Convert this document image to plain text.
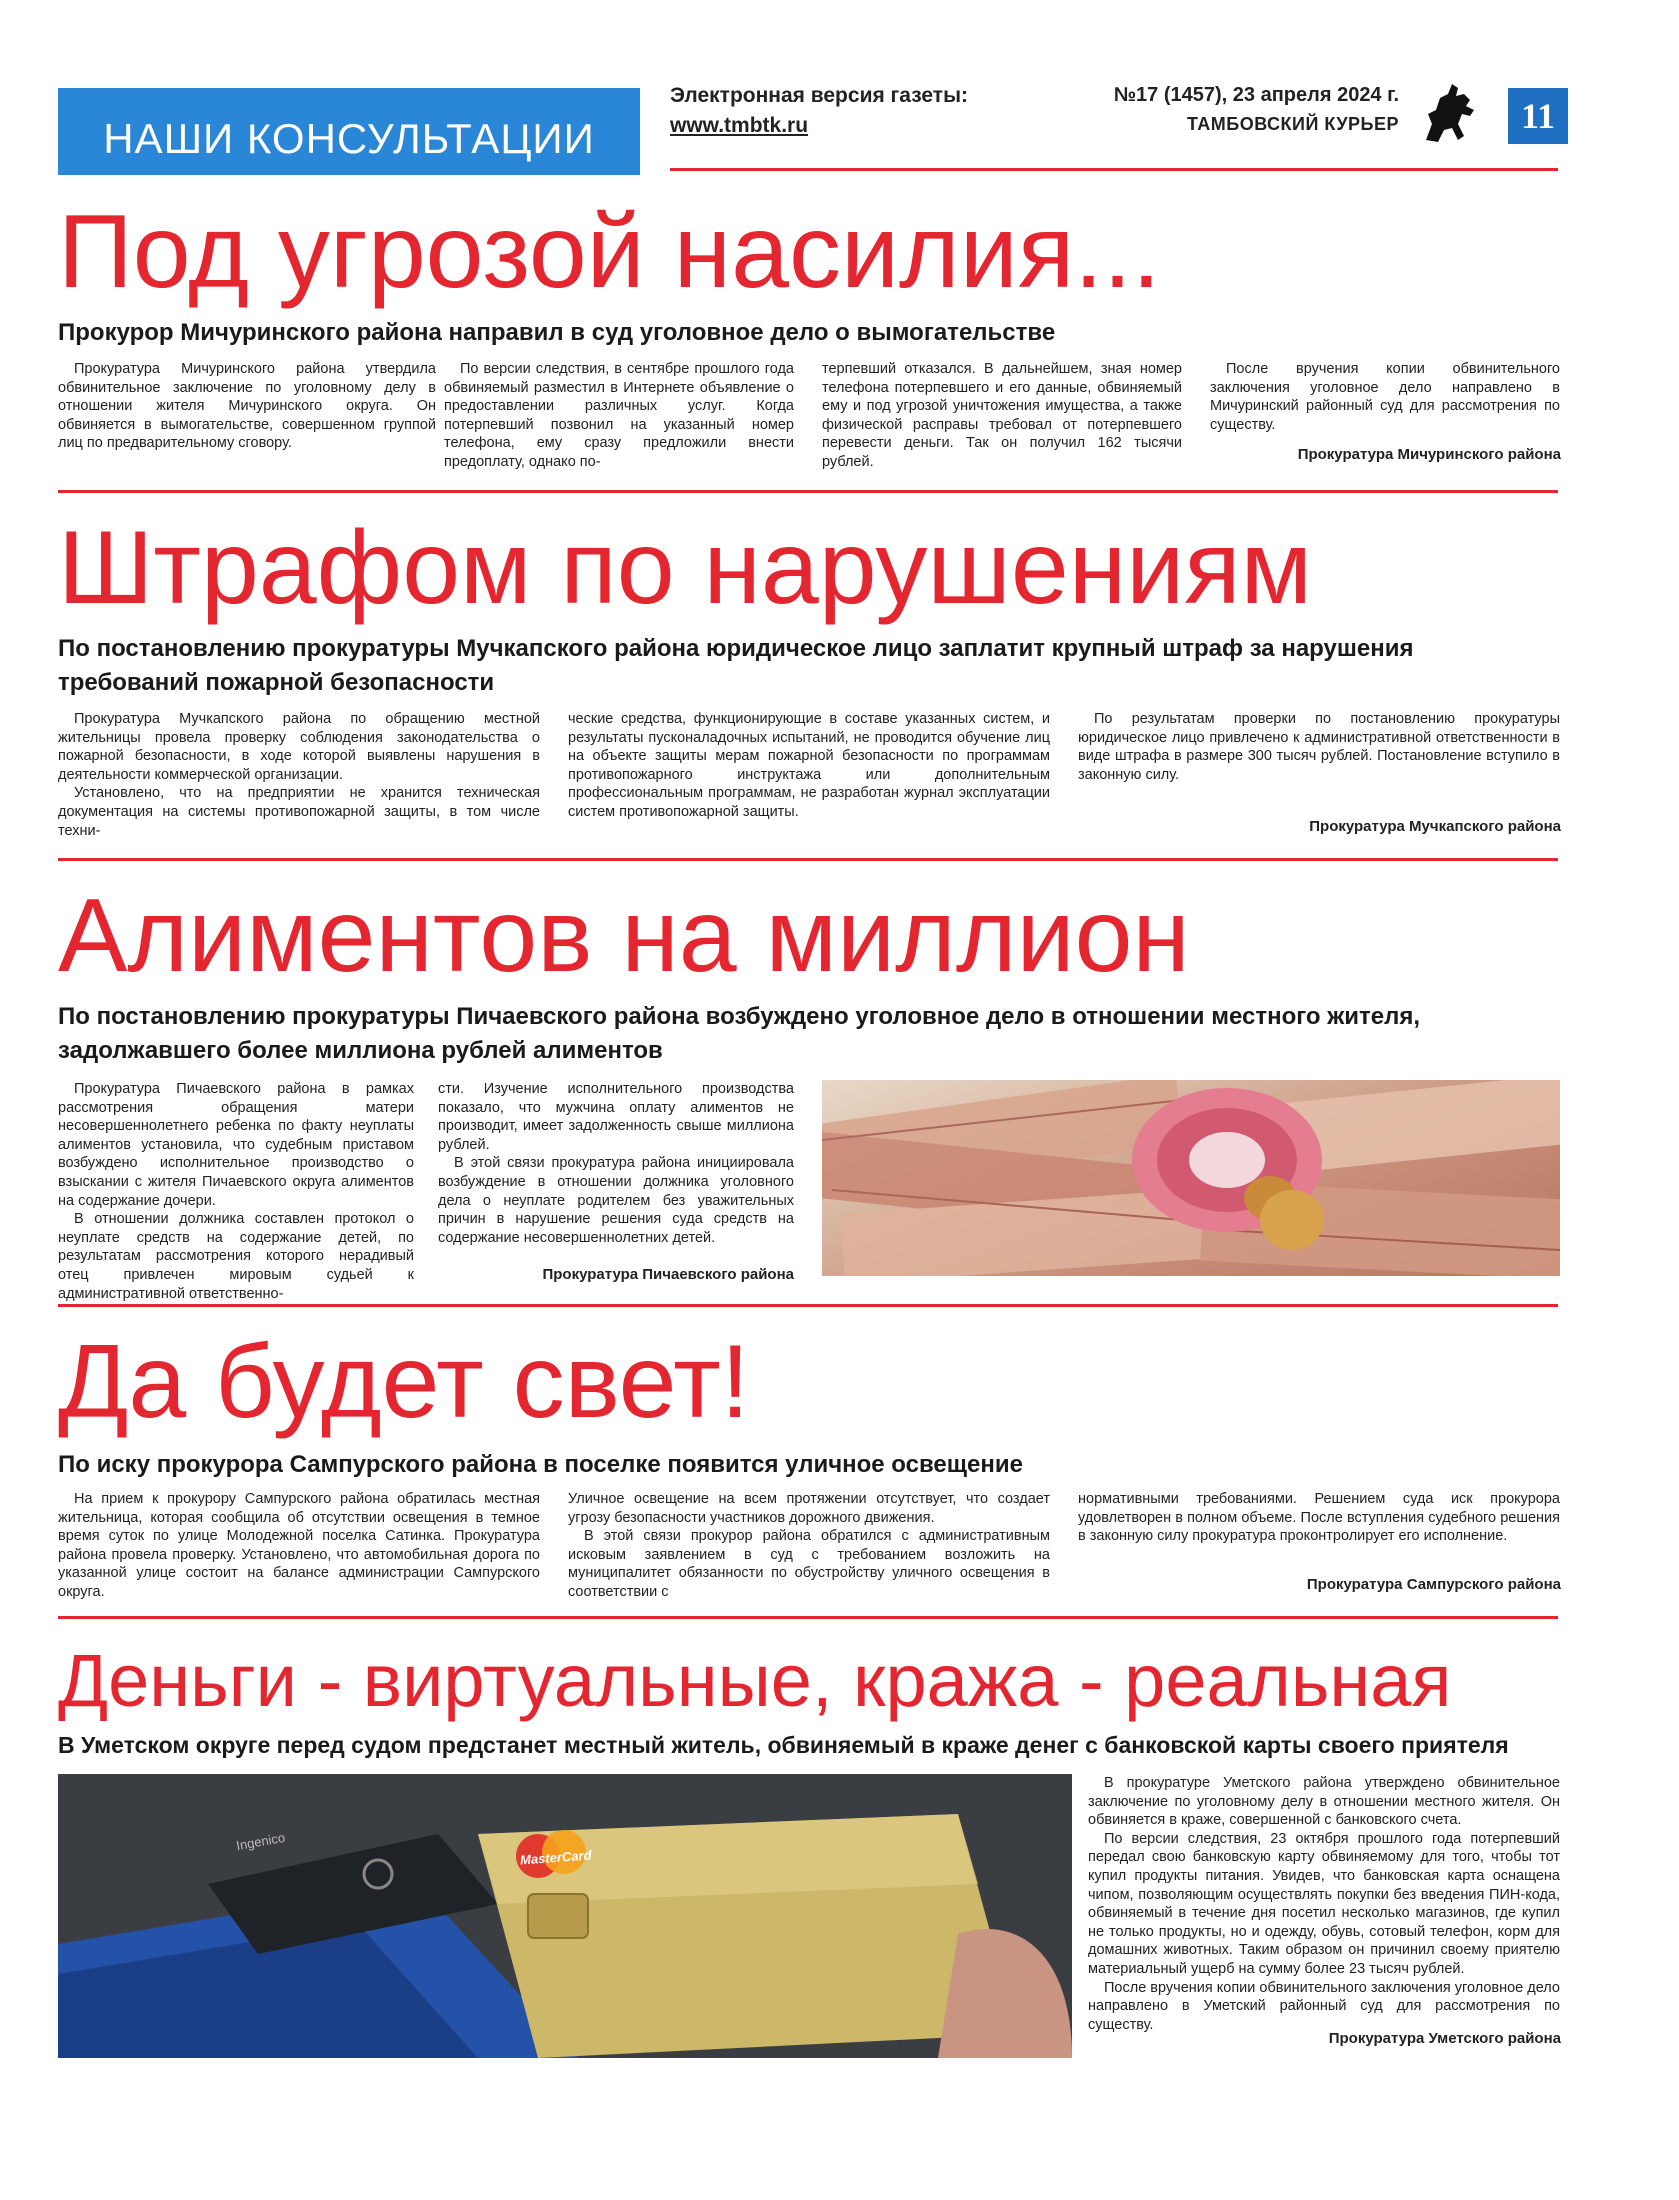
НАШИ КОНСУЛЬТАЦИИ
Электронная версия газеты:
www.tmbtk.ru
№17 (1457), 23 апреля 2024 г.
ТАМБОВСКИЙ КУРЬЕР	11
Под угрозой насилия...
Прокурор Мичуринского района направил в суд уголовное дело о вымогательстве

Прокуратура Мичуринского района утвердила обвинительное заключение по уголовному делу в отношении жителя Мичуринского округа. Он обвиняется в вымогательстве, совершенном группой лиц по предварительному сговору.

По версии следствия, в сентябре прошлого года обвиняемый разместил в Интернете объявление о предоставлении различных услуг. Когда потерпевший позвонил на указанный номер телефона, ему сразу предложили внести предоплату, однако по-

терпевший отказался. В дальнейшем, зная номер телефона потерпевшего и его данные, обвиняемый ему и под угрозой уничтожения имущества, а также физической расправы требовал от потерпевшего перевести деньги. Так он получил 162 тысячи рублей.

После вручения копии обвинительного заключения уголовное дело направлено в Мичуринский районный суд для рассмотрения по существу.

Прокуратура Мичуринского района
Штрафом по нарушениям
По постановлению прокуратуры Мучкапского района юридическое лицо заплатит крупный штраф за нарушения требований пожарной безопасности

Прокуратура Мучкапского района по обращению местной жительницы провела проверку соблюдения законодательства о пожарной безопасности, в ходе которой выявлены нарушения в деятельности коммерческой организации.

Установлено, что на предприятии не хранится техническая документация на системы противопожарной защиты, в том числе техни-

ческие средства, функционирующие в составе указанных систем, и результаты пусконаладочных испытаний, не проводится обучение лиц на объекте защиты мерам пожарной безопасности по программам противопожарного инструктажа или дополнительным профессиональным программам, не разработан журнал эксплуатации систем противопожарной защиты.

По результатам проверки по постановлению прокуратуры юридическое лицо привлечено к административной ответственности в виде штрафа в размере 300 тысяч рублей. Постановление вступило в законную силу.

Прокуратура Мучкапского района
Алиментов на миллион
По постановлению прокуратуры Пичаевского района возбуждено уголовное дело в отношении местного жителя, задолжавшего более миллиона рублей алиментов

Прокуратура Пичаевского района в рамках рассмотрения обращения матери несовершеннолетнего ребенка по факту неуплаты алиментов установила, что судебным приставом возбуждено исполнительное производство о взыскании с жителя Пичаевского округа алиментов на содержание дочери.

В отношении должника составлен протокол о неуплате средств на содержание детей, по результатам рассмотрения которого нерадивый отец привлечен мировым судьей к административной ответственно-

сти. Изучение исполнительного производства показало, что мужчина оплату алиментов не производит, имеет задолженность свыше миллиона рублей.

В этой связи прокуратура района инициировала возбуждение в отношении должника уголовного дела о неуплате родителем без уважительных причин в нарушение решения суда средств на содержание несовершеннолетних детей.

Прокуратура Пичаевского района
Да будет свет!
По иску прокурора Сампурского района в поселке появится уличное освещение

На прием к прокурору Сампурского района обратилась местная жительница, которая сообщила об отсутствии освещения в темное время суток по улице Молодежной поселка Сатинка. Прокуратура района провела проверку. Установлено, что автомобильная дорога по указанной улице состоит на балансе администрации Сампурского округа.

Уличное освещение на всем протяжении отсутствует, что создает угрозу безопасности участников дорожного движения.

В этой связи прокурор района обратился с административным исковым заявлением в суд с требованием возложить на муниципалитет обязанности по обустройству уличного освещения в соответствии с

нормативными требованиями. Решением суда иск прокурора удовлетворен в полном объеме. После вступления судебного решения в законную силу прокуратура проконтролирует его исполнение.

Прокуратура Сампурского района
Деньги - виртуальные, кража - реальная
В Уметском округе перед судом предстанет местный житель, обвиняемый в краже денег с банковской карты своего приятеля
MasterCard
Ingenico

В прокуратуре Уметского района утверждено обвинительное заключение по уголовному делу в отношении местного жителя. Он обвиняется в краже, совершенной с банковского счета.

По версии следствия, 23 октября прошлого года потерпевший передал свою банковскую карту обвиняемому для того, чтобы тот купил продукты питания. Увидев, что банковская карта оснащена чипом, позволяющим осуществлять покупки без введения ПИН-кода, обвиняемый в течение дня посетил несколько магазинов, где купил не только продукты, но и одежду, обувь, сотовый телефон, корм для домашних животных. Таким образом он причинил своему приятелю материальный ущерб на сумму более 23 тысяч рублей.

После вручения копии обвинительного заключения уголовное дело направлено в Уметский районный суд для рассмотрения по существу.

Прокуратура Уметского района
